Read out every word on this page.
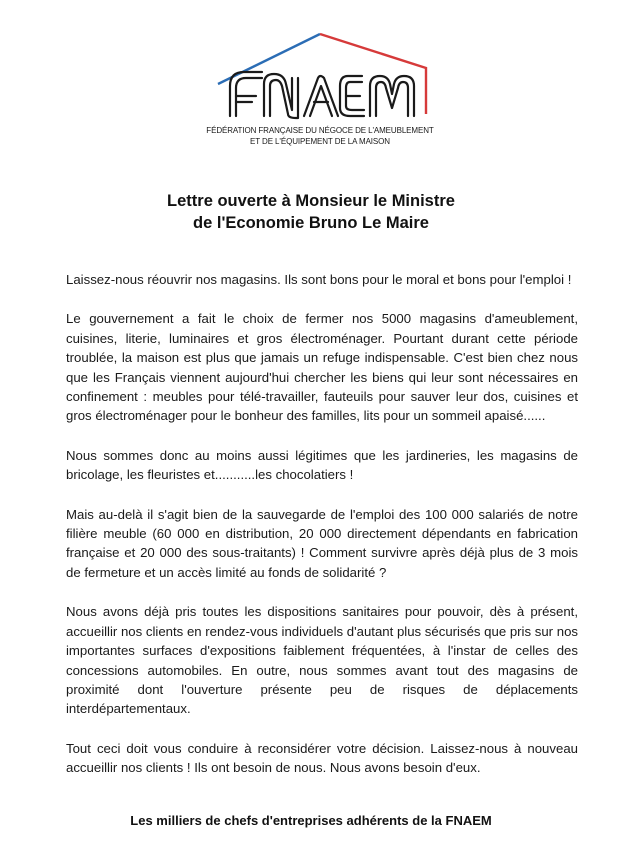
FÉDÉRATION FRANÇAISE DU NÉGOCE DE L'AMEUBLEMENT
ET DE L'ÉQUIPEMENT DE LA MAISON
Lettre ouverte à Monsieur le Ministre
de l'Economie Bruno Le Maire

Laissez-nous réouvrir nos magasins. Ils sont bons pour le moral et bons pour l'emploi !

Le gouvernement a fait le choix de fermer nos 5000 magasins d'ameublement, cuisines, literie, luminaires et gros électroménager. Pourtant durant cette période troublée, la maison est plus que jamais un refuge indispensable. C'est bien chez nous que les Français viennent aujourd'hui chercher les biens qui leur sont nécessaires en confinement : meubles pour télé-travailler, fauteuils pour sauver leur dos, cuisines et gros électroménager pour le bonheur des familles, lits pour un sommeil apaisé......

Nous sommes donc au moins aussi légitimes que les jardineries, les magasins de bricolage, les fleuristes et...........les chocolatiers !

Mais au-delà il s'agit bien de la sauvegarde de l'emploi des 100 000 salariés de notre filière meuble (60 000 en distribution, 20 000 directement dépendants en fabrication française et 20 000 des sous-traitants) ! Comment survivre après déjà plus de 3 mois de fermeture et un accès limité au fonds de solidarité ?

Nous avons déjà pris toutes les dispositions sanitaires pour pouvoir, dès à présent, accueillir nos clients en rendez-vous individuels d'autant plus sécurisés que pris sur nos importantes surfaces d'expositions faiblement fréquentées, à l'instar de celles des concessions automobiles. En outre, nous sommes avant tout des magasins de proximité dont l'ouverture présente peu de risques de déplacements interdépartementaux.

Tout ceci doit vous conduire à reconsidérer votre décision. Laissez-nous à nouveau accueillir nos clients ! Ils ont besoin de nous. Nous avons besoin d'eux.

Les milliers de chefs d'entreprises adhérents de la FNAEM
